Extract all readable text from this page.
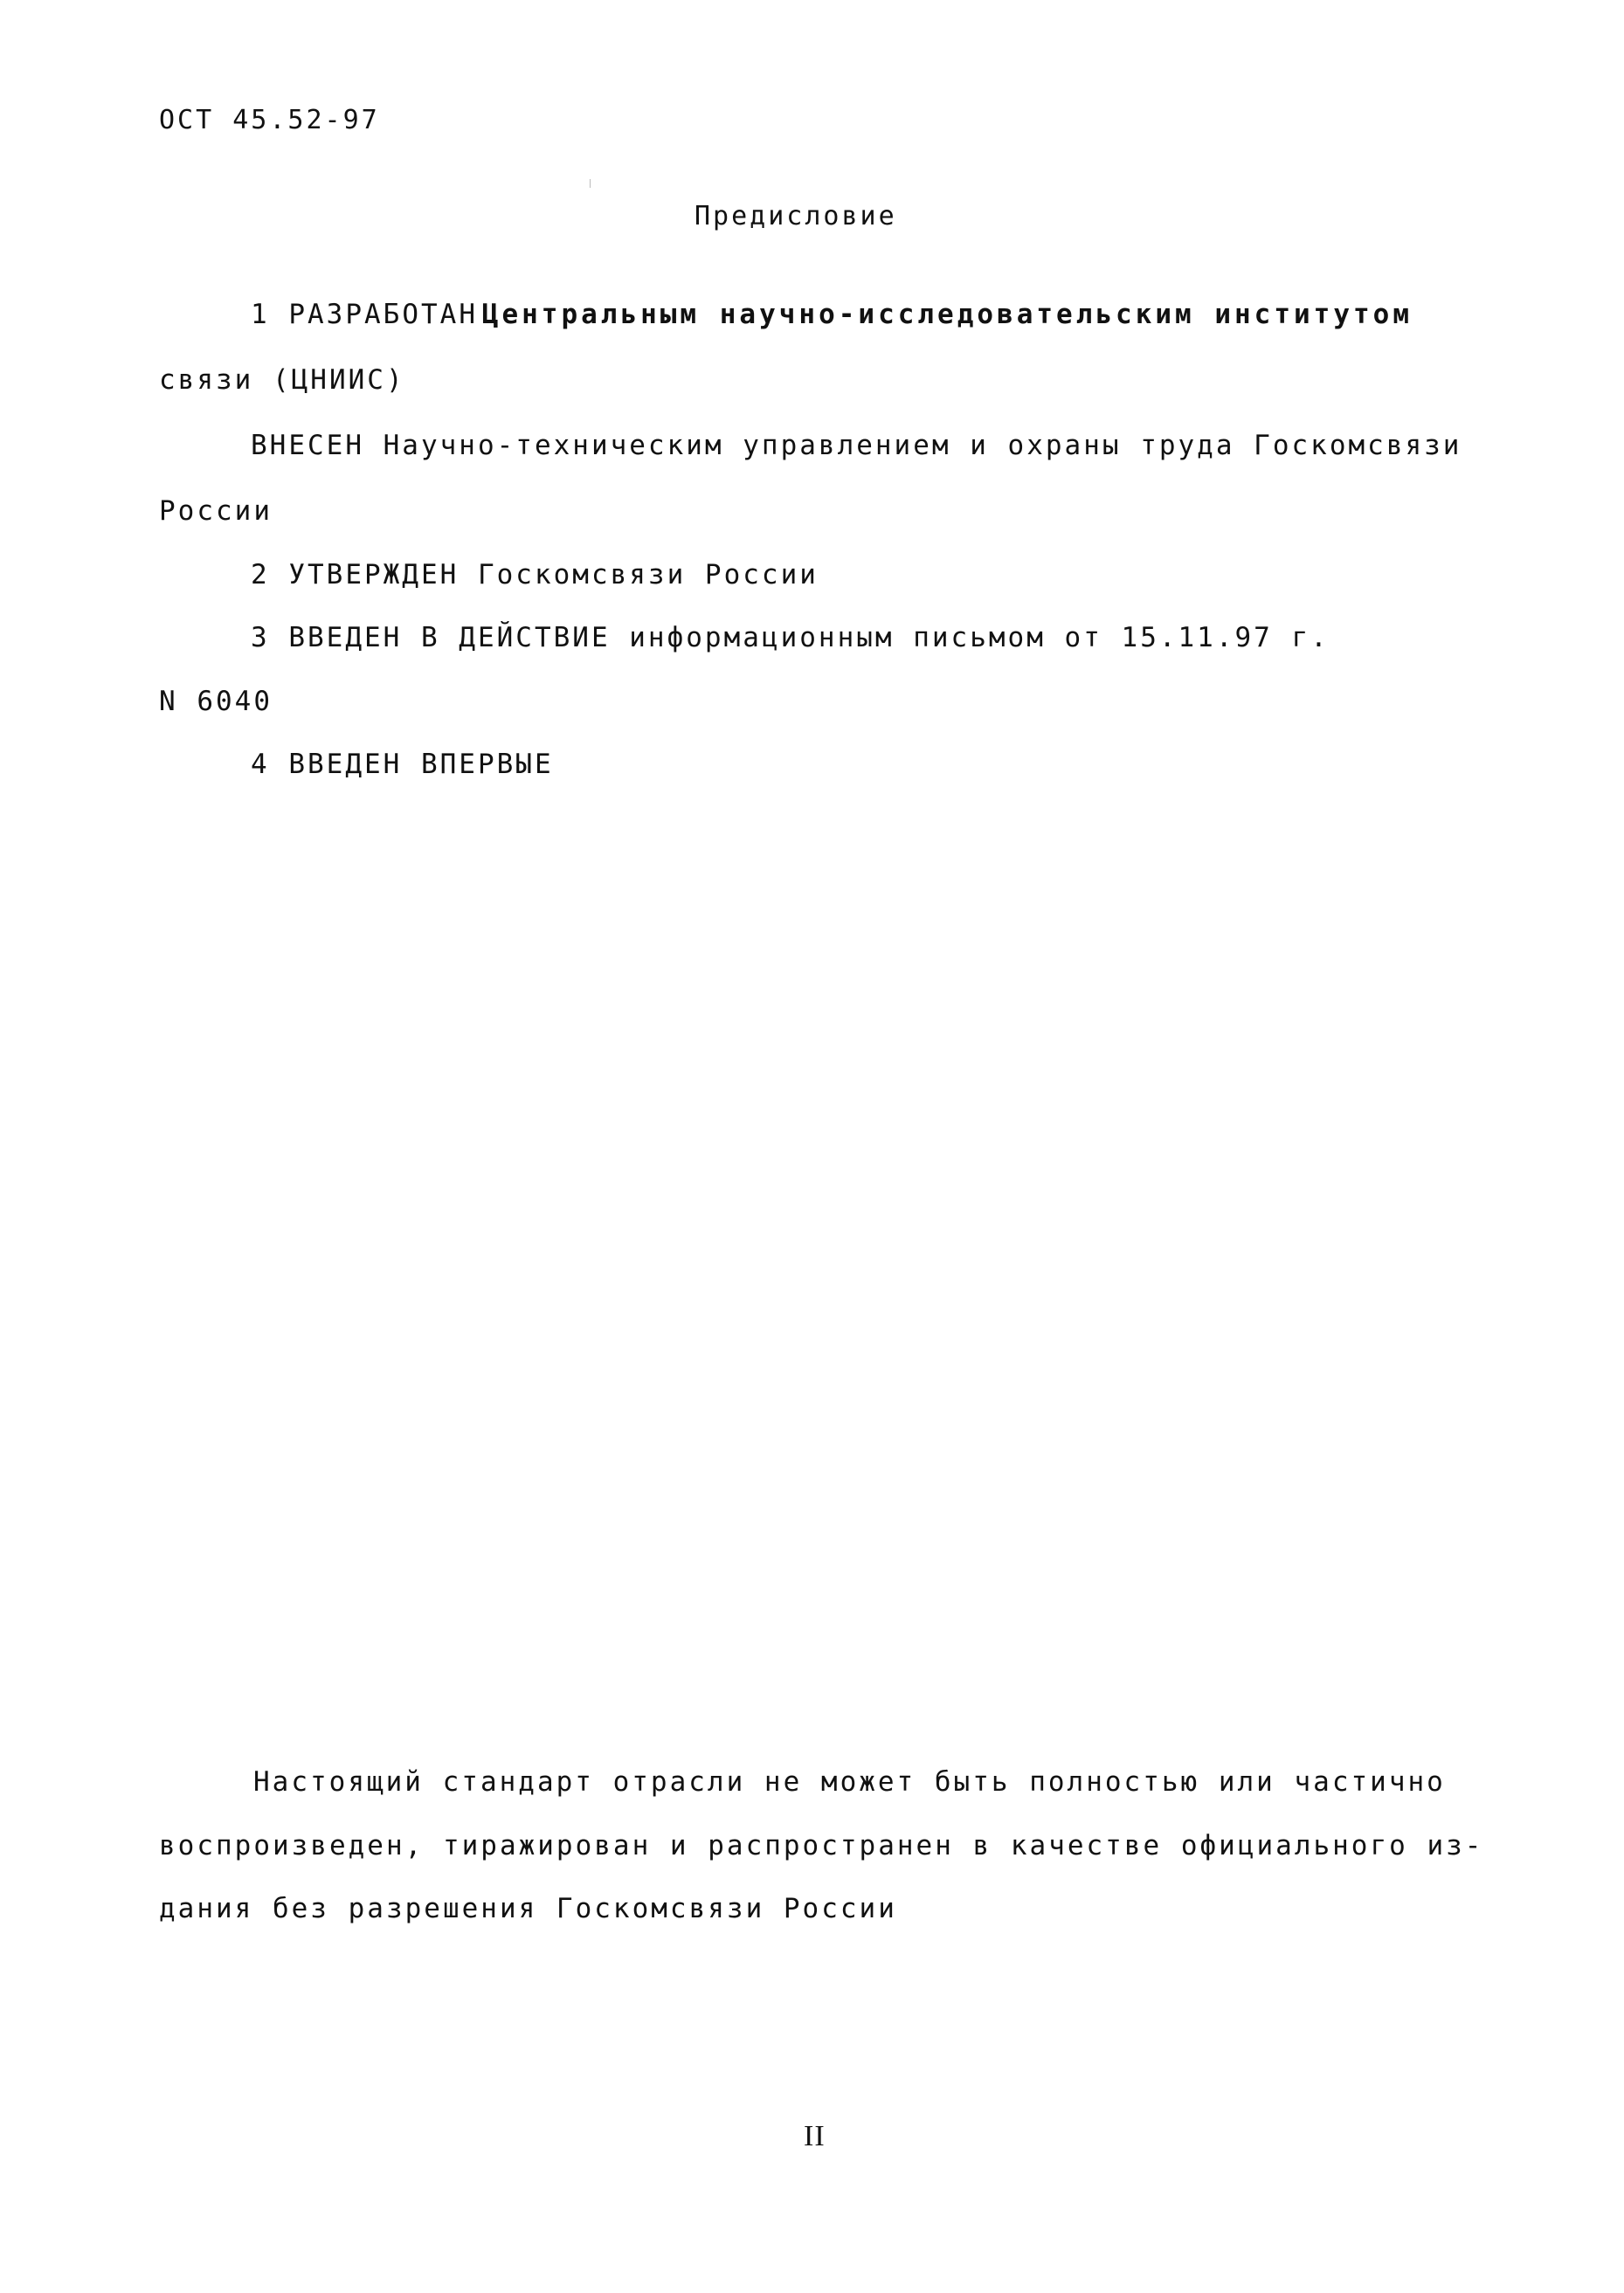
ОСТ 45.52-97
Предисловие
1 РАЗРАБОТАН Центральным научно-исследовательским институтом
связи (ЦНИИС)
ВНЕСЕН Научно-техническим управлением и охраны труда Госкомсвязи
России
2 УТВЕРЖДЕН Госкомсвязи России
3 ВВЕДЕН В ДЕЙСТВИЕ информационным письмом от 15.11.97 г.
N 6040
4 ВВЕДЕН ВПЕРВЫЕ
Настоящий стандарт отрасли не может быть полностью или частично
воспроизведен, тиражирован и распространен в качестве официального из-
дания без разрешения Госкомсвязи России
II
